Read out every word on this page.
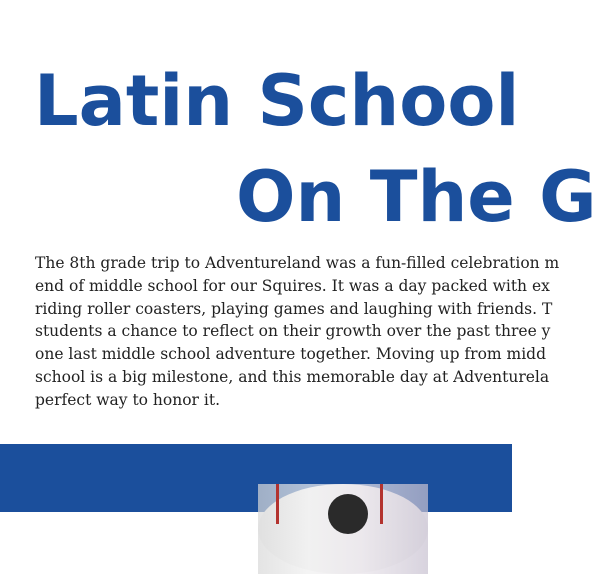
Latin School
On The G
The 8th grade trip to Adventureland was a fun-filled celebration m
end of middle school for our Squires. It was a day packed with ex
riding roller coasters, playing games and laughing with friends. T
students a chance to reflect on their growth over the past three y
one last middle school adventure together. Moving up from midd
school is a big milestone, and this memorable day at Adventurela
perfect way to honor it.
